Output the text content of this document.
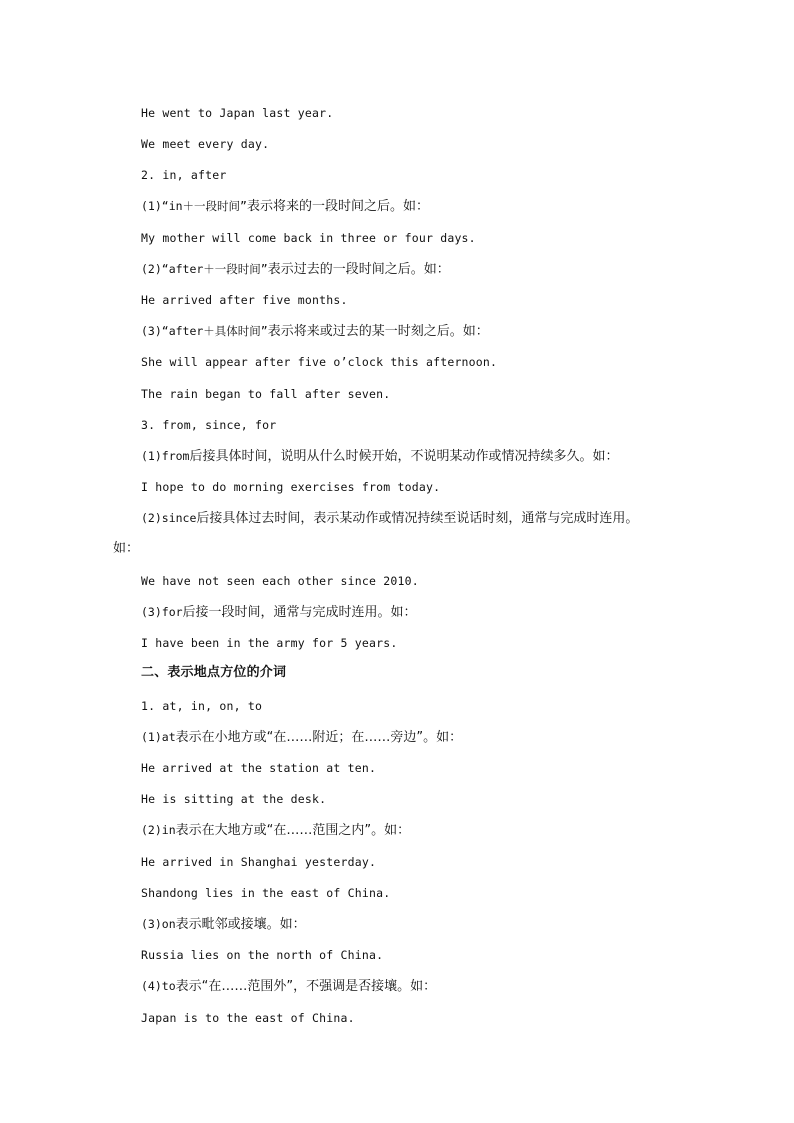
He went to Japan last year.
We meet every day.
2. in, after
(1)“in＋一段时间”表示将来的一段时间之后。如：
My mother will come back in three or four days.
(2)“after＋一段时间”表示过去的一段时间之后。如：
He arrived after five months.
(3)“after＋具体时间”表示将来或过去的某一时刻之后。如：
She will appear after five o’clock this afternoon.
The rain began to fall after seven.
3. from, since, for
(1)from后接具体时间，说明从什么时候开始，不说明某动作或情况持续多久。如：
I hope to do morning exercises from today.
(2)since后接具体过去时间，表示某动作或情况持续至说话时刻，通常与完成时连用。
如：
We have not seen each other since 2010.
(3)for后接一段时间，通常与完成时连用。如：
I have been in the army for 5 years.
二、表示地点方位的介词
1. at, in, on, to
(1)at表示在小地方或“在……附近；在……旁边”。如：
He arrived at the station at ten.
He is sitting at the desk.
(2)in表示在大地方或“在……范围之内”。如：
He arrived in Shanghai yesterday.
Shandong lies in the east of China.
(3)on表示毗邻或接壤。如：
Russia lies on the north of China.
(4)to表示“在……范围外”，不强调是否接壤。如：
Japan is to the east of China.
